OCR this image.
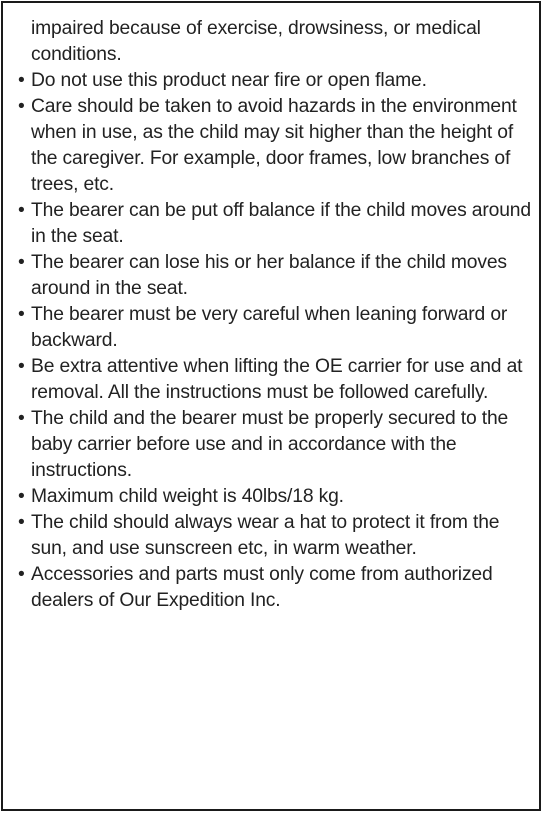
impaired because of exercise, drowsiness, or medical conditions.

• Do not use this product near fire or open flame.
• Care should be taken to avoid hazards in the environment when in use, as the child may sit higher than the height of the caregiver. For example, door frames, low branches of trees, etc.
• The bearer can be put off balance if the child moves around in the seat.
• The bearer can lose his or her balance if the child moves around in the seat.
• The bearer must be very careful when leaning forward or backward.
• Be extra attentive when lifting the OE carrier for use and at removal. All the instructions must be followed carefully.
• The child and the bearer must be properly secured to the baby carrier before use and in accordance with the instructions.
• Maximum child weight is 40lbs/18 kg.
• The child should always wear a hat to protect it from the sun, and use sunscreen etc, in warm weather.
• Accessories and parts must only come from authorized dealers of Our Expedition Inc.
